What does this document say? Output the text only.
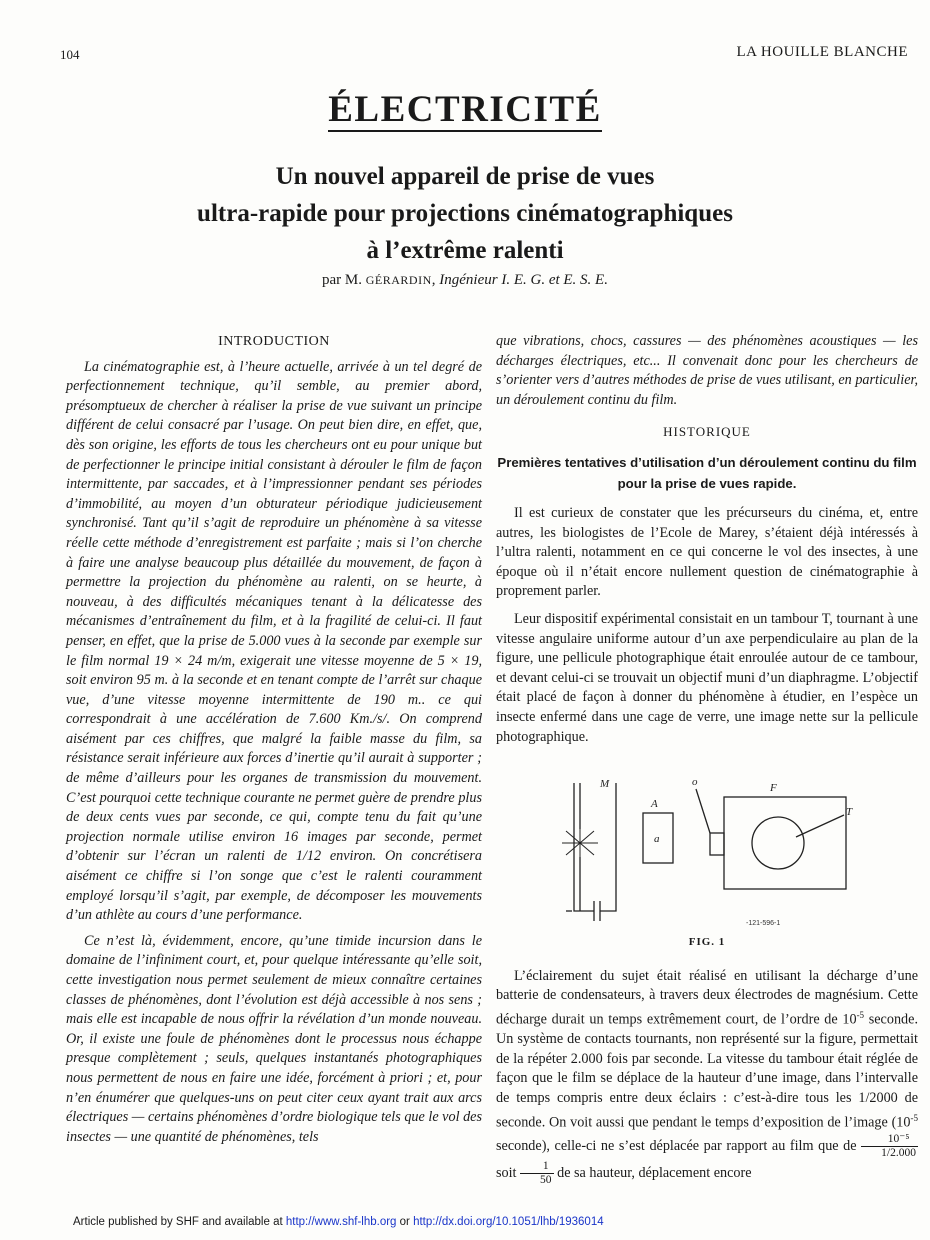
104	LA HOUILLE BLANCHE
ÉLECTRICITÉ
Un nouvel appareil de prise de vues
ultra-rapide pour projections cinématographiques
à l’extrême ralenti
par M. GÉRARDIN, Ingénieur I. E. G. et E. S. E.
INTRODUCTION

La cinématographie est, à l’heure actuelle, arrivée à un tel degré de perfectionnement technique, qu’il semble, au premier abord, présomptueux de chercher à réaliser la prise de vue suivant un principe différent de celui consacré par l’usage. On peut bien dire, en effet, que, dès son origine, les efforts de tous les chercheurs ont eu pour unique but de perfectionner le principe initial consistant à dérouler le film de façon intermittente, par saccades, et à l’impressionner pendant ses périodes d’immobilité, au moyen d’un obturateur périodique judicieusement synchronisé. Tant qu’il s’agit de reproduire un phénomène à sa vitesse réelle cette méthode d’enregistrement est parfaite ; mais si l’on cherche à faire une analyse beaucoup plus détaillée du mouvement, de façon à permettre la projection du phénomène au ralenti, on se heurte, à nouveau, à des difficultés mécaniques tenant à la délicatesse des mécanismes d’entraînement du film, et à la fragilité de celui-ci. Il faut penser, en effet, que la prise de 5.000 vues à la seconde par exemple sur le film normal 19 × 24 m/m, exigerait une vitesse moyenne de 5 × 19, soit environ 95 m. à la seconde et en tenant compte de l’arrêt sur chaque vue, d’une vitesse moyenne intermittente de 190 m.. ce qui correspondrait à une accélération de 7.600 Km./s/. On comprend aisément par ces chiffres, que malgré la faible masse du film, sa résistance serait inférieure aux forces d’inertie qu’il aurait à supporter ; de même d’ailleurs pour les organes de transmission du mouvement. C’est pourquoi cette technique courante ne permet guère de prendre plus de deux cents vues par seconde, ce qui, compte tenu du fait qu’une projection normale utilise environ 16 images par seconde, permet d’obtenir sur l’écran un ralenti de 1/12 environ. On concrétisera aisément ce chiffre si l’on songe que c’est le ralenti couramment employé lorsqu’il s’agit, par exemple, de décomposer les mouvements d’un athlète au cours d’une performance.

Ce n’est là, évidemment, encore, qu’une timide incursion dans le domaine de l’infiniment court, et, pour quelque intéressante qu’elle soit, cette investigation nous permet seulement de mieux connaître certaines classes de phénomènes, dont l’évolution est déjà accessible à nos sens ; mais elle est incapable de nous offrir la révélation d’un monde nouveau. Or, il existe une foule de phénomènes dont le processus nous échappe presque complètement ; seuls, quelques instantanés photographiques nous permettent de nous en faire une idée, forcément à priori ; et, pour n’en énumérer que quelques-uns on peut citer ceux ayant trait aux arcs électriques — certains phénomènes d’ordre biologique tels que le vol des insectes — une quantité de phénomènes, tels

que vibrations, chocs, cassures — des phénomènes acoustiques — les décharges électriques, etc... Il convenait donc pour les chercheurs de s’orienter vers d’autres méthodes de prise de vues utilisant, en particulier, un déroulement continu du film.

HISTORIQUE
Premières tentatives d’utilisation d’un déroulement continu du film pour la prise de vues rapide.

Il est curieux de constater que les précurseurs du cinéma, et, entre autres, les biologistes de l’Ecole de Marey, s’étaient déjà intéressés à l’ultra ralenti, notamment en ce qui concerne le vol des insectes, à une époque où il n’était encore nullement question de cinématographie à proprement parler.

Leur dispositif expérimental consistait en un tambour T, tournant à une vitesse angulaire uniforme autour d’un axe perpendiculaire au plan de la figure, une pellicule photographique était enroulée autour de ce tambour, et devant celui-ci se trouvait un objectif muni d’un diaphragme. L’objectif était placé de façon à donner du phénomène à étudier, en l’espèce un insecte enfermé dans une cage de verre, une image nette sur la pellicule photographique.

M
A
a
o	F
T
-121-596-1
FIG. 1

L’éclairement du sujet était réalisé en utilisant la décharge d’une batterie de condensateurs, à travers deux électrodes de magnésium. Cette décharge durait un temps extrêmement court, de l’ordre de $10^{-5}$ seconde. Un système de contacts tournants, non représenté sur la figure, permettait de la répéter 2.000 fois par seconde. La vitesse du tambour était réglée de façon que le film se déplace de la hauteur d’une image, dans l’intervalle de temps compris entre deux éclairs : c’est-à-dire tous les 1/2000 de seconde. On voit aussi que pendant le temps d’exposition de l’image ($10^{-5}$ seconde), celle-ci ne s’est déplacée par rapport au film que de $\frac{\text{10⁻⁵}}{1/2.000}$
soit $\frac{1}{50}$ de sa hauteur, déplacement encore

Article published by SHF and available at http://www.shf-lhb.org or http://dx.doi.org/10.1051/lhb/1936014
